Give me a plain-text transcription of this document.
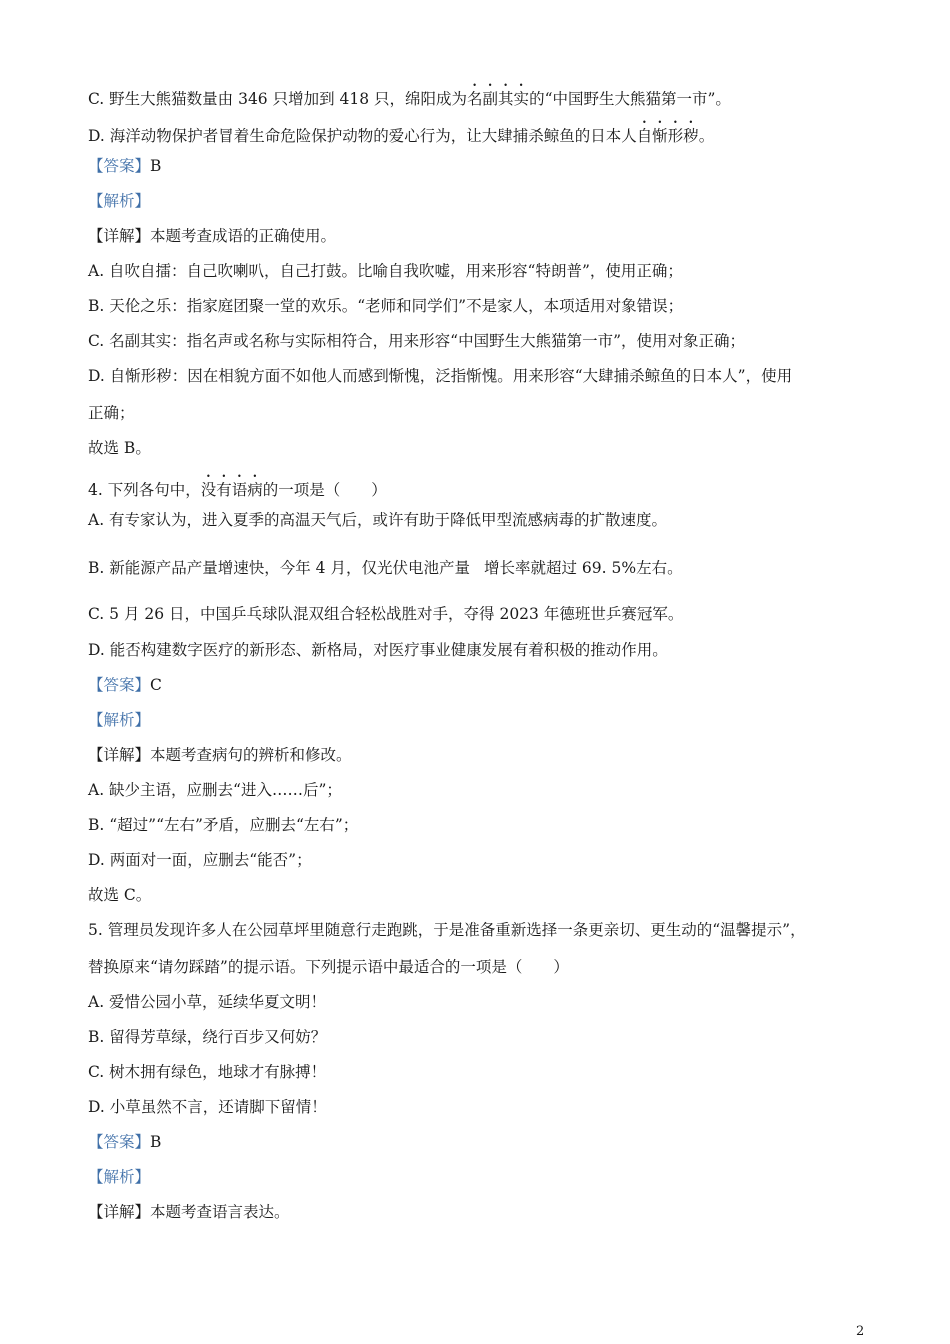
C. 野生大熊猫数量由 346 只增加到 418 只，绵阳成为名副其实的“中国野生大熊猫第一市”。
D. 海洋动物保护者冒着生命危险保护动物的爱心行为，让大肆捕杀鲸鱼的日本人自惭形秽。
【答案】B
【解析】
【详解】本题考查成语的正确使用。
A. 自吹自擂：自己吹喇叭，自己打鼓。比喻自我吹嘘，用来形容“特朗普”，使用正确；
B. 天伦之乐：指家庭团聚一堂的欢乐。“老师和同学们”不是家人，本项适用对象错误；
C. 名副其实：指名声或名称与实际相符合，用来形容“中国野生大熊猫第一市”，使用对象正确；
D. 自惭形秽：因在相貌方面不如他人而感到惭愧，泛指惭愧。用来形容“大肆捕杀鲸鱼的日本人”，使用
正确；
故选 B。
4. 下列各句中，没有语病的一项是（　　）
A. 有专家认为，进入夏季的高温天气后，或许有助于降低甲型流感病毒的扩散速度。
B. 新能源产品产量增速快，今年 4 月，仅光伏电池产量 增长率就超过 69. 5%左右。
C. 5 月 26 日，中国乒乓球队混双组合轻松战胜对手，夺得 2023 年德班世乒赛冠军。
D. 能否构建数字医疗的新形态、新格局，对医疗事业健康发展有着积极的推动作用。
【答案】C
【解析】
【详解】本题考查病句的辨析和修改。
A. 缺少主语，应删去“进入……后”；
B. “超过”“左右”矛盾，应删去“左右”；
D. 两面对一面，应删去“能否”；
故选 C。
5. 管理员发现许多人在公园草坪里随意行走跑跳，于是准备重新选择一条更亲切、更生动的“温馨提示”，
替换原来“请勿踩踏”的提示语。下列提示语中最适合的一项是（　　）
A. 爱惜公园小草，延续华夏文明！
B. 留得芳草绿，绕行百步又何妨？
C. 树木拥有绿色，地球才有脉搏！
D. 小草虽然不言，还请脚下留情！
【答案】B
【解析】
【详解】本题考查语言表达。
2
